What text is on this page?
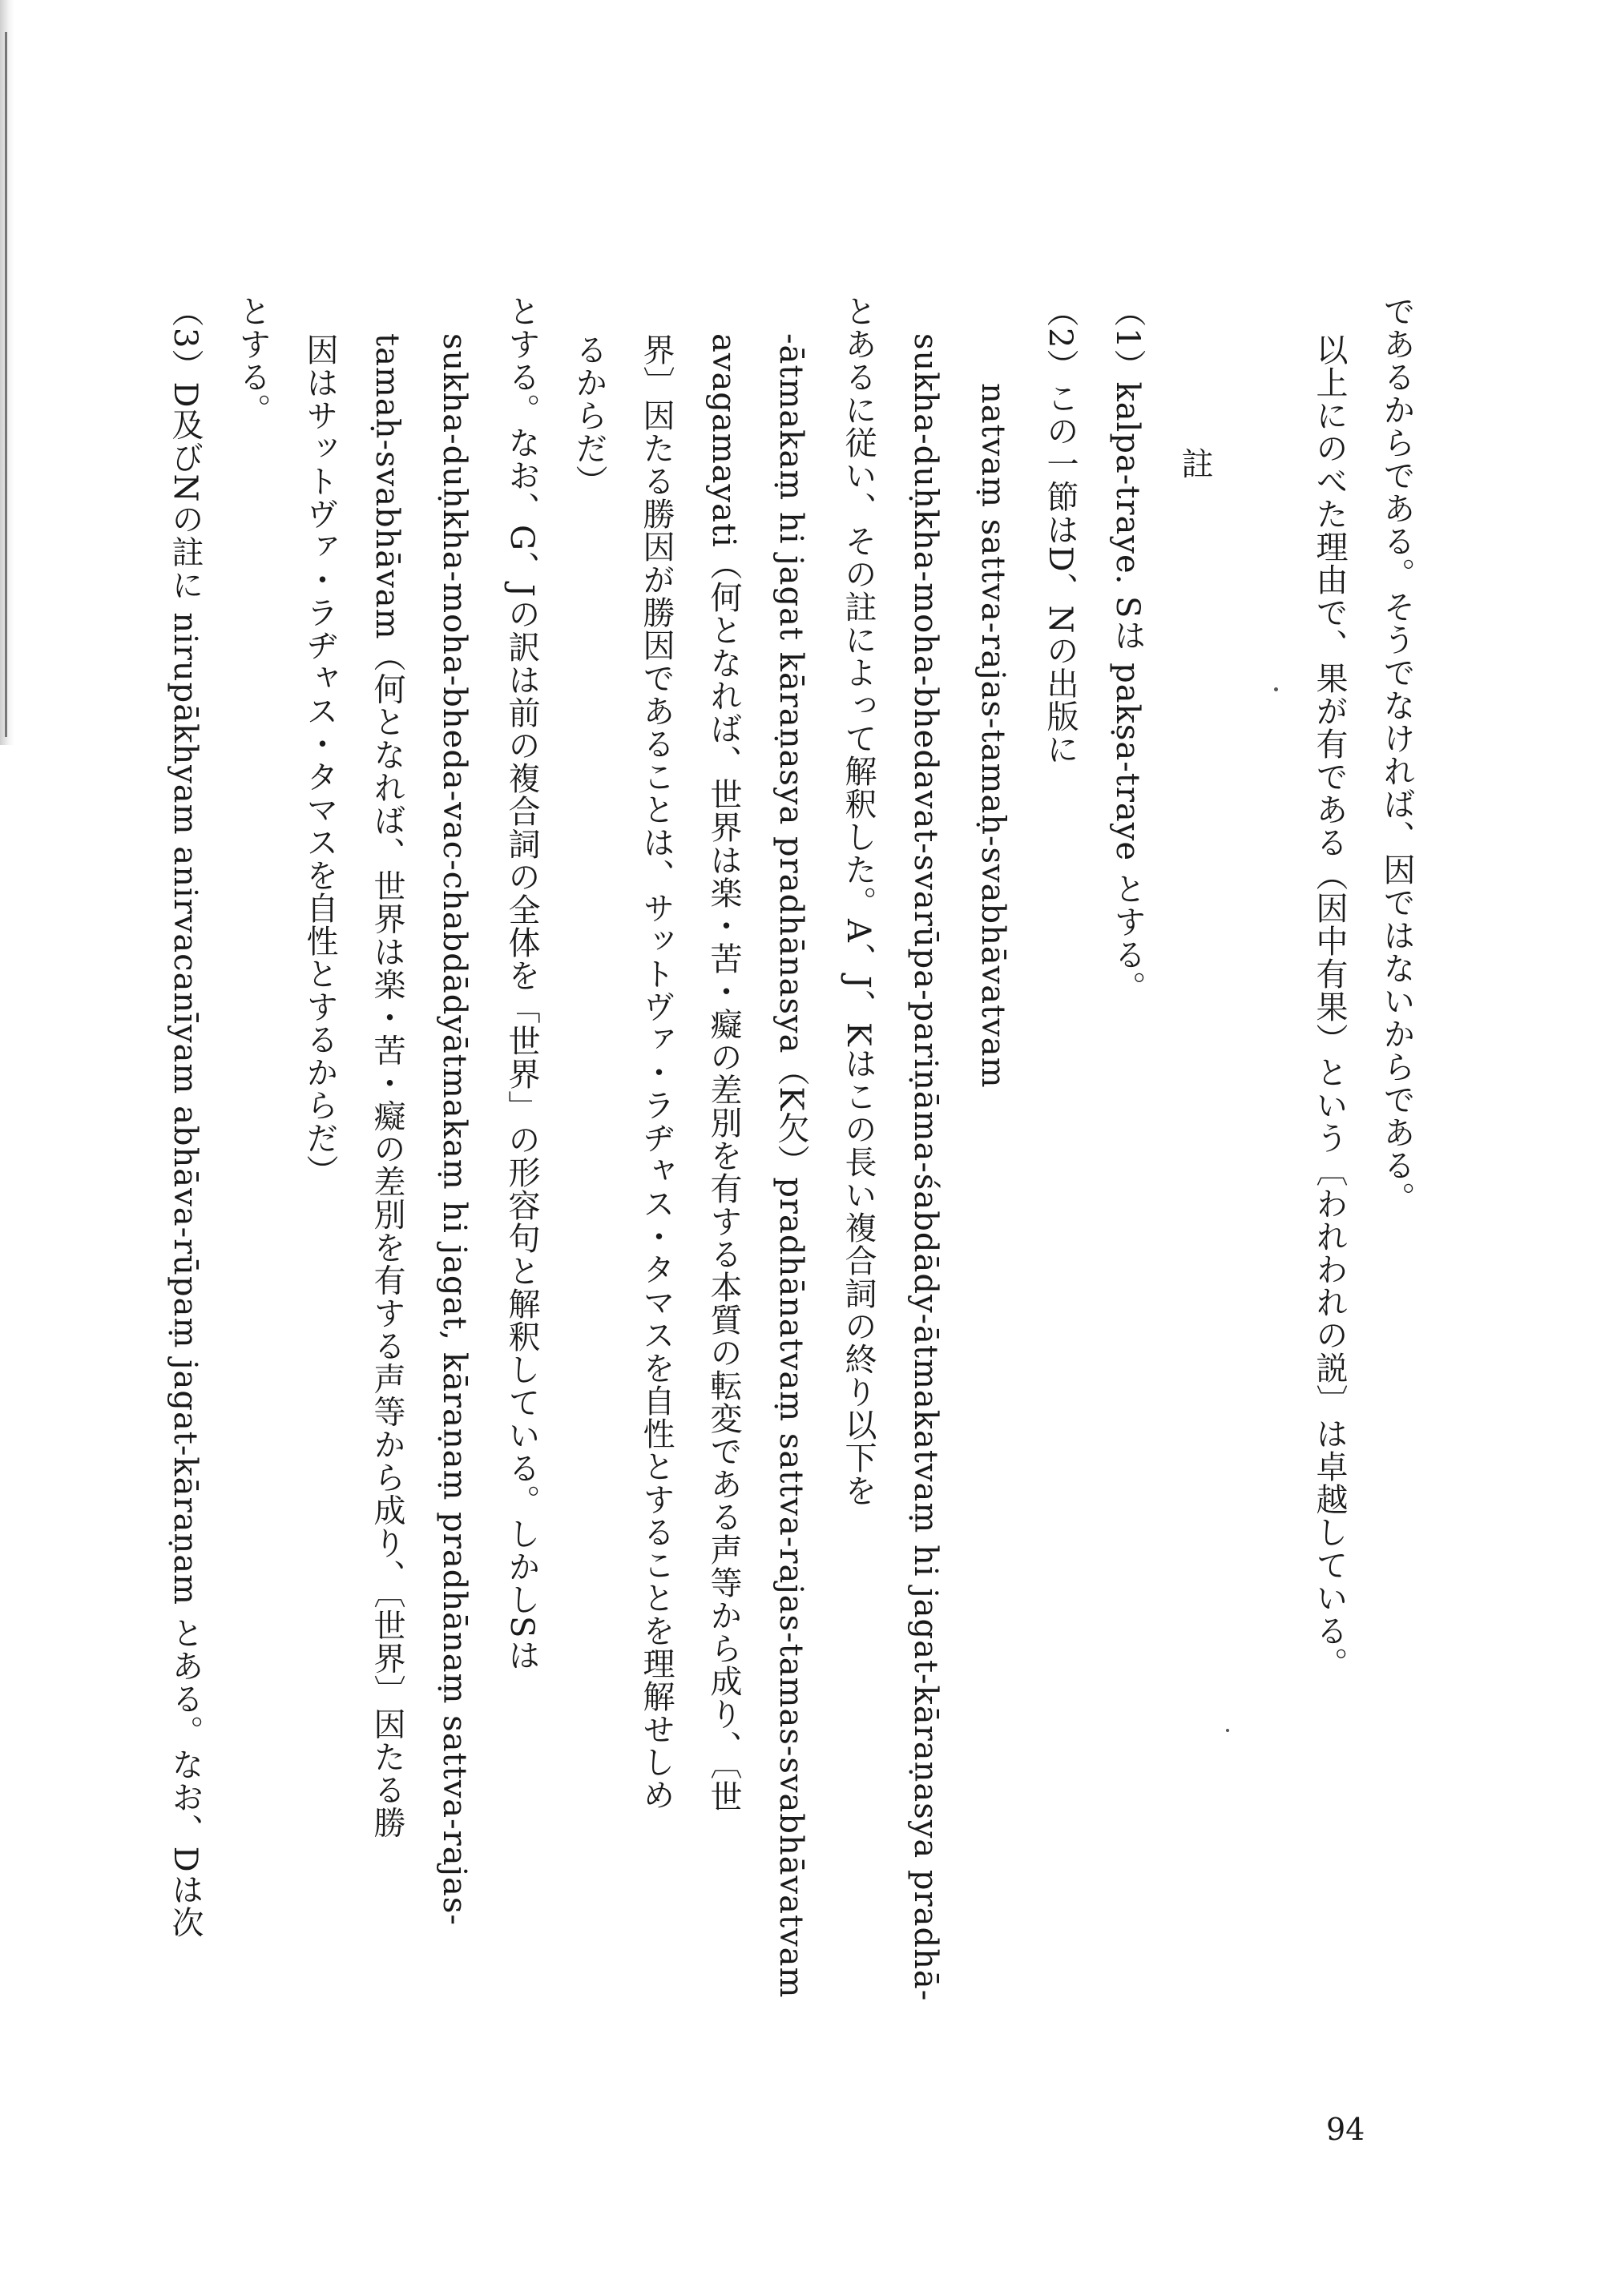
であるからである。そうでなければ、因ではないからである。
以上にのべた理由で、果が有である（因中有果）という〔われわれの説〕は卓越している。

註
（1）kalpa-traye. Sは pakṣa-traye とする。
（2）この一節はD、Nの出版に
natvaṃ sattva-rajas-tamaḥ-svabhāvatvam
sukha-duḥkha-moha-bhedavat-svarūpa-pariṇāma-śabdādy-ātmakatvaṃ hi jagat-kāraṇasya pradhā-
とあるに従い、その註によって解釈した。A、J、Kはこの長い複合詞の終り以下を
-ātmakaṃ hi jagat kāraṇasya pradhānasya（K欠）pradhānatvaṃ sattva-rajas-tamas-svabhāvatvam
avagamayati（何となれば、世界は楽・苦・癡の差別を有する本質の転変である声等から成り、〔世
界〕因たる勝因が勝因であることは、サットヴァ・ラヂャス・タマスを自性とすることを理解せしめ
るからだ）
とする。なお、G、Jの訳は前の複合詞の全体を「世界」の形容句と解釈している。しかしSは
sukha-duḥkha-moha-bheda-vac-chabdādyātmakaṃ hi jagat, kāraṇaṃ pradhānaṃ sattva-rajas-
tamaḥ-svabhāvam（何となれば、世界は楽・苦・癡の差別を有する声等から成り、〔世界〕因たる勝
因はサットヴァ・ラヂャス・タマスを自性とするからだ）
とする。
（3）D及びNの註に nirupākhyam anirvacanīyam abhāva-rūpaṃ jagat-kāraṇam とある。なお、Dは次
94
